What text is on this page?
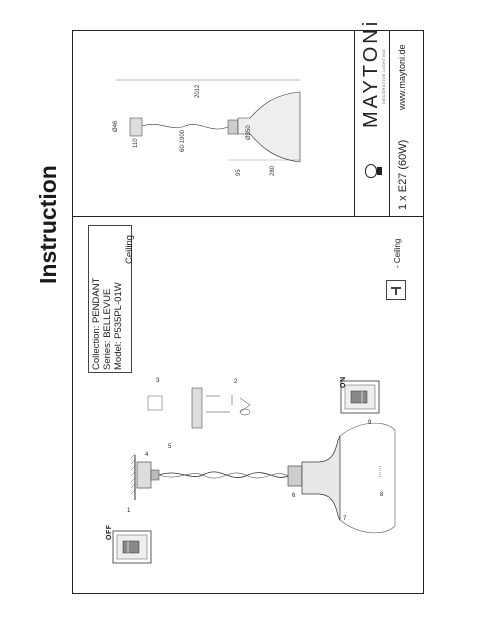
Instruction
Collection: PENDANT Series: BELLEVUE Model: P535PL-01W
Ceiling	- Ceiling
OFF
ON
1
2
3
4
5
6
7
8
9
2012
60-1900
Ø46
110
Ø350
95	280	1 x E27 (60W)
MAYTONi DECORATIVE LIGHTING www.maytoni.de
